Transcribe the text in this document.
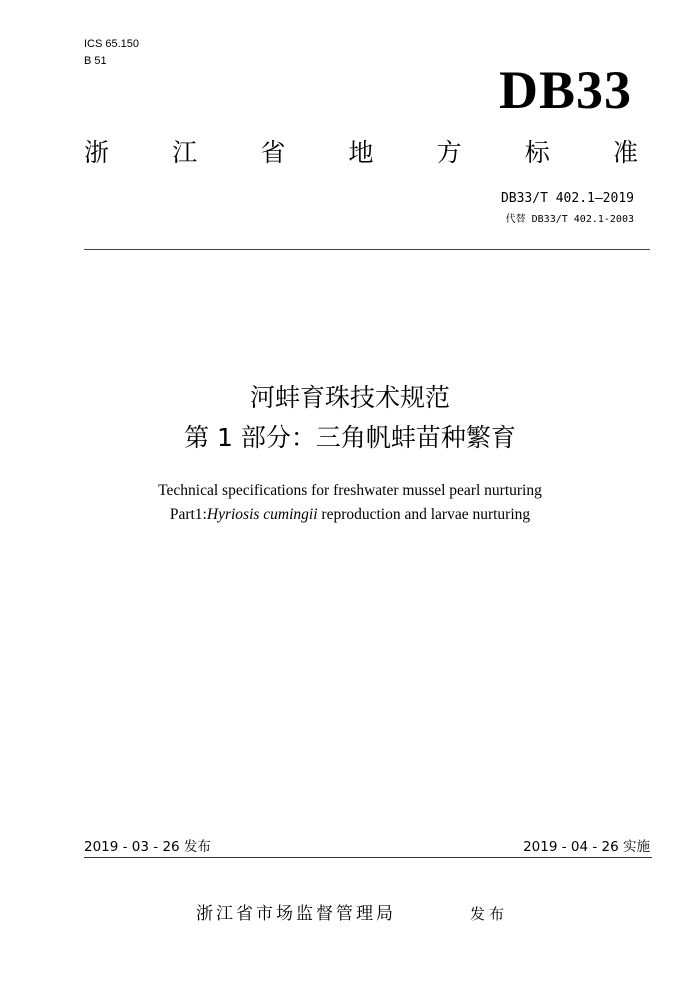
ICS 65.150
B 51	DB33
浙	江	省	地	方	标	准
DB33/T 402.1—2019
代替 DB33/T 402.1-2003
河蚌育珠技术规范
第 1 部分：三角帆蚌苗种繁育
Technical specifications for freshwater mussel pearl nurturing
Part1:Hyriosis cumingii reproduction and larvae nurturing
2019 - 03 - 26 发布	2019 - 04 - 26 实施
浙江省市场监督管理局	发布
